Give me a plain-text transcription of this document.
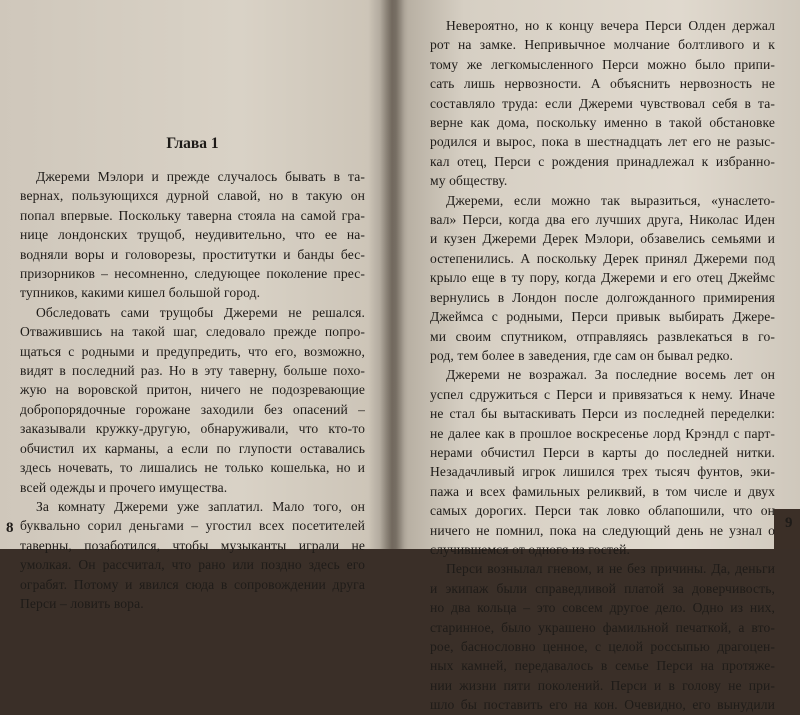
Глава 1
Джереми Мэлори и прежде случалось бывать в та-
вернах, пользующихся дурной славой, но в такую он
попал впервые. Поскольку таверна стояла на самой гра-
нице лондонских трущоб, неудивительно, что ее на-
водняли воры и головорезы, проститутки и банды бес-
призорников – несомненно, следующее поколение прес-
тупников, какими кишел большой город.
Обследовать сами трущобы Джереми не решался.
Отважившись на такой шаг, следовало прежде попро-
щаться с родными и предупредить, что его, возможно,
видят в последний раз. Но в эту таверну, больше похо-
жую на воровской притон, ничего не подозревающие
добропорядочные горожане заходили без опасений –
заказывали кружку-другую, обнаруживали, что кто-то
обчистил их карманы, а если по глупости оставались
здесь ночевать, то лишались не только кошелька, но и
всей одежды и прочего имущества.
За комнату Джереми уже заплатил. Мало того, он
буквально сорил деньгами – угостил всех посетителей
таверны, позаботился, чтобы музыканты играли не
умолкая. Он рассчитал, что рано или поздно здесь его
ограбят. Потому и явился сюда в сопровождении друга
Перси – ловить вора.
Невероятно, но к концу вечера Перси Олден держал
рот на замке. Непривычное молчание болтливого и к
тому же легкомысленного Перси можно было припи-
сать лишь нервозности. А объяснить нервозность не
составляло труда: если Джереми чувствовал себя в та-
верне как дома, поскольку именно в такой обстановке
родился и вырос, пока в шестнадцать лет его не разыс-
кал отец, Перси с рождения принадлежал к избранно-
му обществу.
Джереми, если можно так выразиться, «унаслето-
вал» Перси, когда два его лучших друга, Николас Иден
и кузен Джереми Дерек Мэлори, обзавелись семьями и
остепенились. А поскольку Дерек принял Джереми под
крыло еще в ту пору, когда Джереми и его отец Джеймс
вернулись в Лондон после долгожданного примирения
Джеймса с родными, Перси привык выбирать Джере-
ми своим спутником, отправляясь развлекаться в го-
род, тем более в заведения, где сам он бывал редко.
Джереми не возражал. За последние восемь лет он
успел сдружиться с Перси и привязаться к нему. Иначе
не стал бы вытаскивать Перси из последней переделки:
не далее как в прошлое воскресенье лорд Крэндл с парт-
нерами обчистил Перси в карты до последней нитки.
Незадачливый игрок лишился трех тысяч фунтов, эки-
пажа и всех фамильных реликвий, в том числе и двух
самых дорогих. Перси так ловко облапошили, что он
ничего не помнил, пока на следующий день не узнал о
случившемся от одного из гостей.
Перси вознылал гневом, и не без причины. Да, деньги
и экипаж были справедливой платой за доверчивость,
но два кольца – это совсем другое дело. Одно из них,
старинное, было украшено фамильной печаткой, а вто-
рое, баснословно ценное, с целой россыпью драгоцен-
ных камней, передавалось в семье Перси на протяже-
нии жизни пяти поколений. Перси и в голову не при-
шло бы поставить его на кон. Очевидно, его вынудили
8	9
